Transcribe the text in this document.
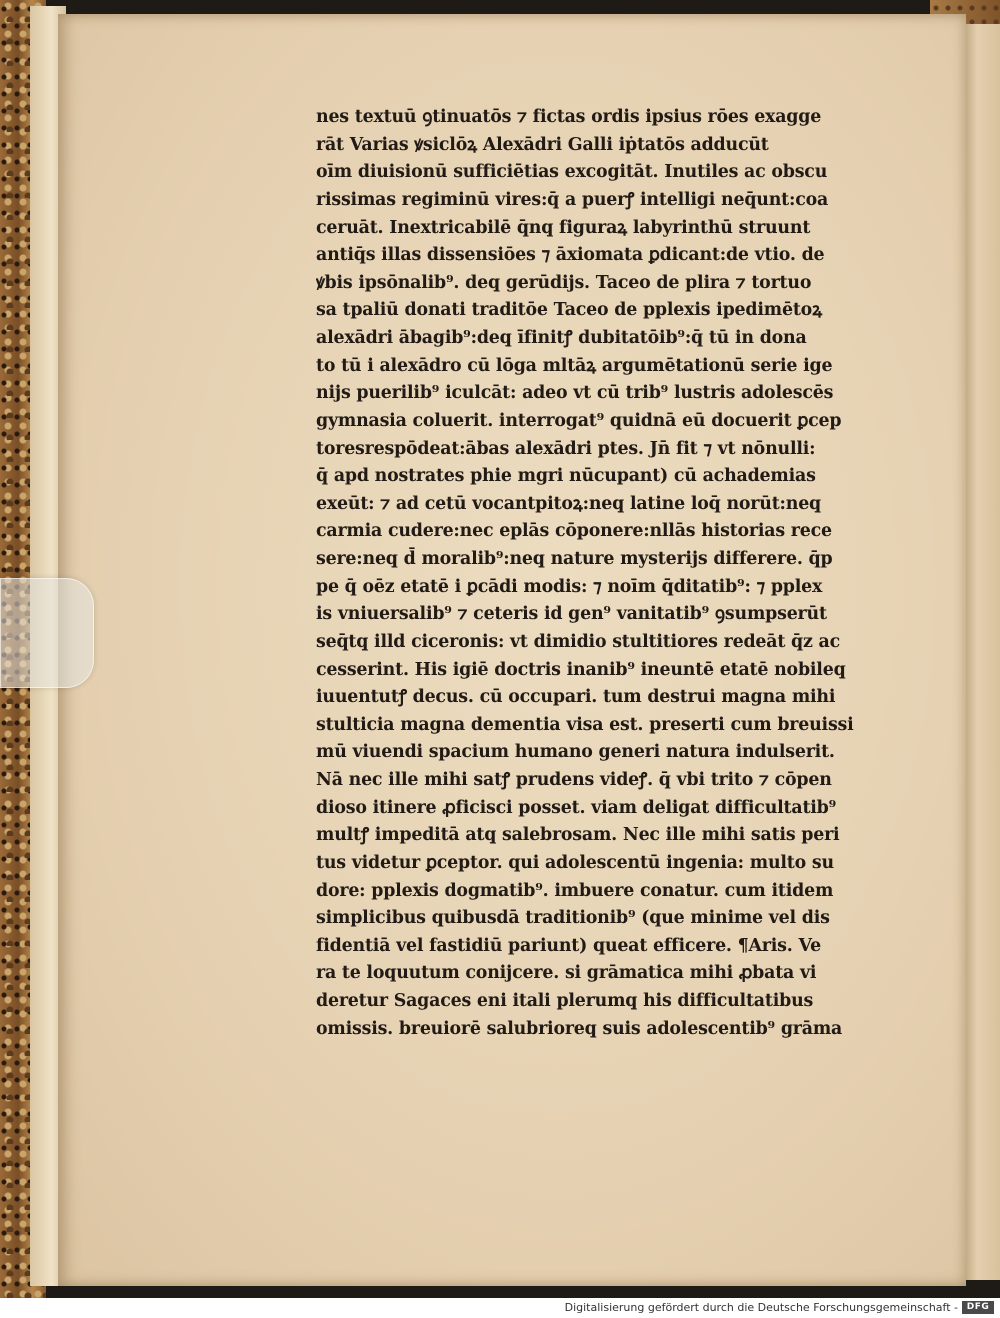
nes textuū ꝯtinuatōs ⁊ fictas ordis ipsius rōes exagge
rāt Varias ꝟsiclōꝝ Alexādri Galli iṗtatōs adducūt
oīm diuisionū sufficiētias excogitāt. Inutiles ac obscu
rissimas regiminū vires:q̄ a puerꝭ intelligi neq̄unt:coa
ceruāt. Inextricabilē q̄nq̧ figuraꝝ labyrinthū struunt
antiq̄s illas dissensiōes ⁊ āxiomata ꝑdicant:de vtio. de
ꝟbis ipsōnalib⁹. deq̧ gerūdijs. Taceo de plira ⁊ tortuo
sa tpaliū donati traditōe Taceo de pplexis ipedimētoꝝ
alexādri ābagib⁹:deq̧ īfinitꝭ dubitatōib⁹:q̄ tū in dona
to tū i alexādro cū lōga mltāꝝ argumētationū serie ige
nijs puerilib⁹ iculcāt: adeo vt cū trib⁹ lustris adolescēs
gymnasia coluerit. interrogat⁹ quidnā eū docuerit ꝑcep
toresrespōdeat:ābas alexādri ptes. Jn̄ fit ⁊ vt nōnulli:
q̄ apd nostrates phie mgri nūcupant) cū achademias
exeūt: ⁊ ad cetū vocantpitoꝝ:neq̧ latine loq̄ norūt:neq̧
carmia cudere:nec eplās cōponere:nllās historias rece
sere:neq̧ d̄ moralib⁹:neq̧ nature mysterijs differere. q̄p
pe q̄ oēz etatē i ꝑcādi modis: ⁊ noīm q̄ditatib⁹: ⁊ pplex
is vniuersalib⁹ ⁊ ceteris id gen⁹ vanitatib⁹ ꝯsumpserūt
seq̄tq̧ illd ciceronis: vt dimidio stultitiores redeāt q̄z ac
cesserint. His igiē doctris inanib⁹ ineuntē etatē nobileq̧
iuuentutꝭ decus. cū occupari. tum destrui magna mihi
stulticia magna dementia visa est. preserti cum breuissi
mū viuendi spacium humano generi natura indulserit.
Nā nec ille mihi satꝭ prudens videꝭ. q̄ vbi trito ⁊ cōpen
dioso itinere ꝓficisci posset. viam deligat difficultatib⁹
multꝭ impeditā atq̧ salebrosam. Nec ille mihi satis peri
tus videtur ꝑceptor. qui adolescentū ingenia: multo su
dore: pplexis dogmatib⁹. imbuere conatur. cum itidem
simplicibus quibusdā traditionib⁹ (que minime vel dis
fidentiā vel fastidiū pariunt) queat efficere. ¶Aris. Ve
ra te loquutum conijcere. si grāmatica mihi ꝓbata vi
deretur Sagaces eni itali plerumq̧ his difficultatibus
omissis. breuiorē salubrioreq̧ suis adolescentib⁹ grāma
Digitalisierung gefördert durch die Deutsche Forschungsgemeinschaft - DFG
